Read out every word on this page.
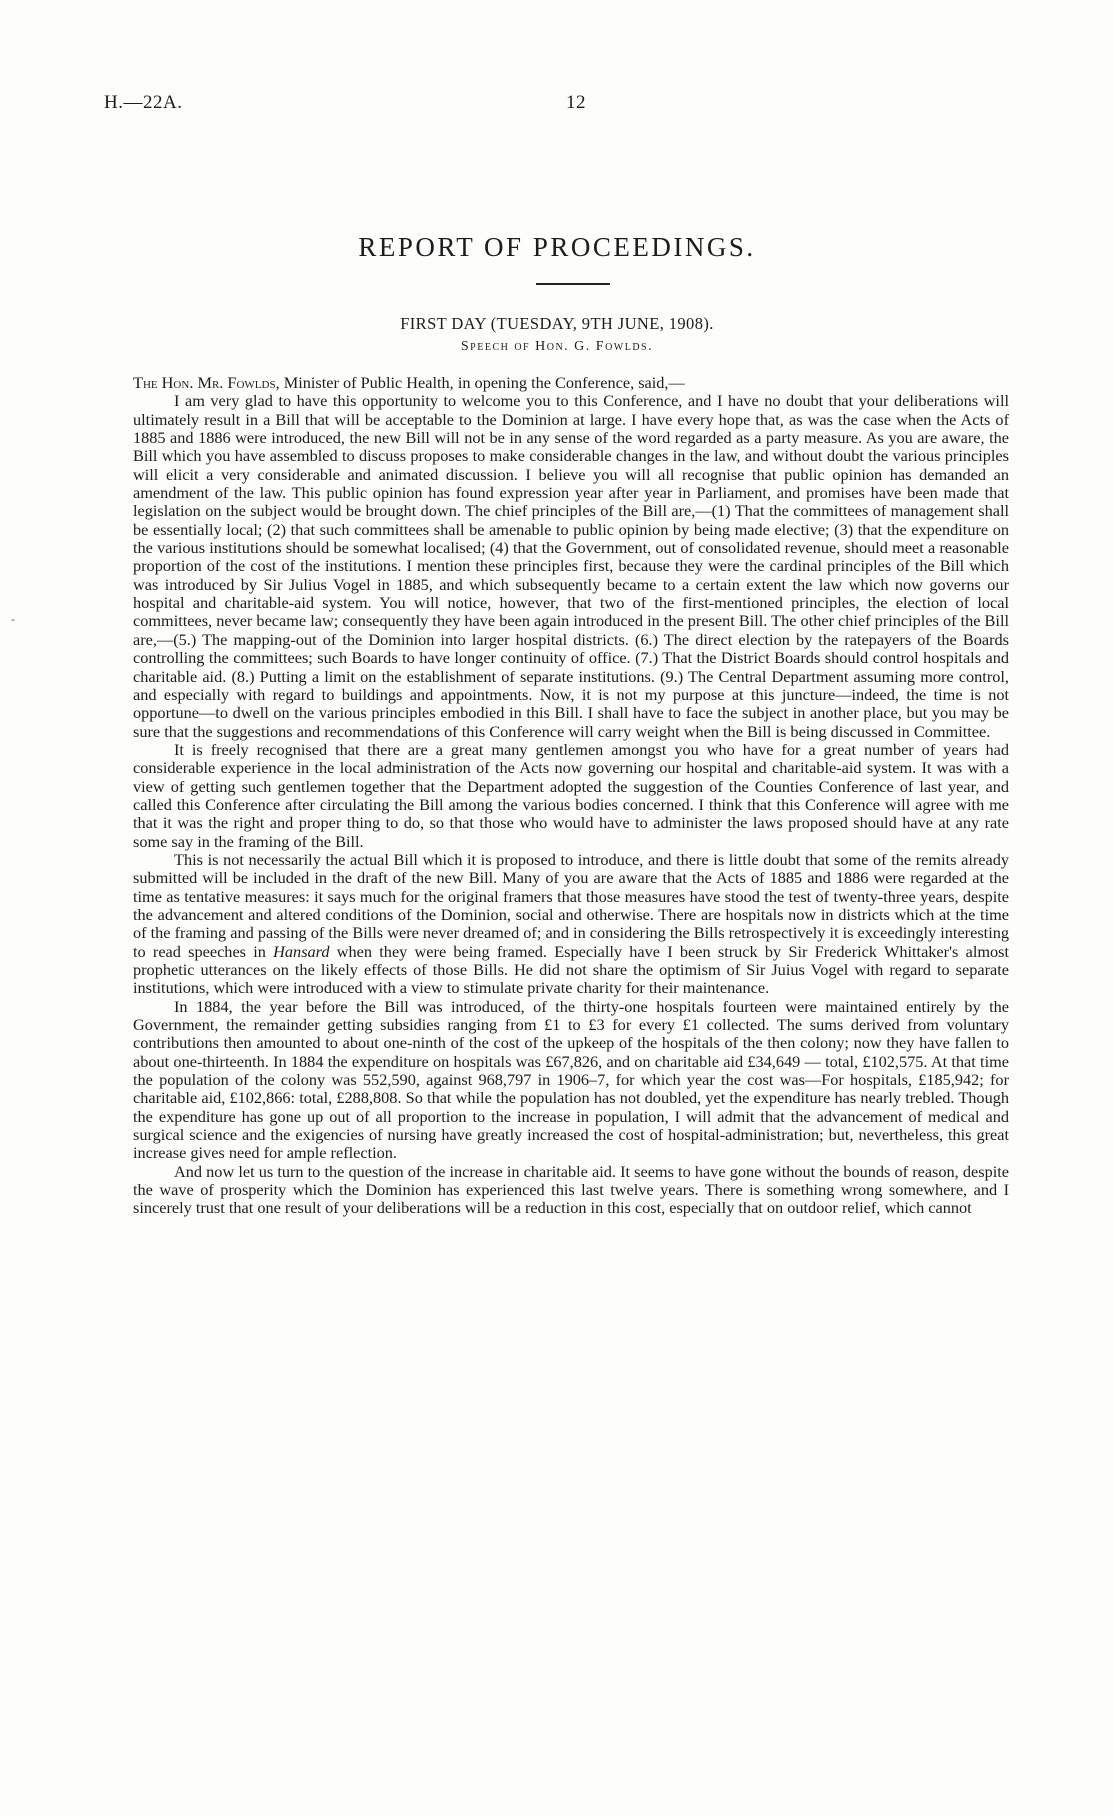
H.—22A.	12
REPORT OF PROCEEDINGS.
FIRST DAY (TUESDAY, 9TH JUNE, 1908).
Speech of Hon. G. Fowlds.
-

The Hon. Mr. Fowlds, Minister of Public Health, in opening the Conference, said,—

I am very glad to have this opportunity to welcome you to this Conference, and I have no doubt that your deliberations will ultimately result in a Bill that will be acceptable to the Dominion at large. I have every hope that, as was the case when the Acts of 1885 and 1886 were introduced, the new Bill will not be in any sense of the word regarded as a party measure. As you are aware, the Bill which you have assembled to discuss proposes to make considerable changes in the law, and without doubt the various principles will elicit a very considerable and animated discussion. I believe you will all recognise that public opinion has demanded an amendment of the law. This public opinion has found expression year after year in Parliament, and promises have been made that legislation on the subject would be brought down. The chief principles of the Bill are,—(1) That the committees of management shall be essentially local; (2) that such committees shall be amenable to public opinion by being made elective; (3) that the expenditure on the various institutions should be somewhat localised; (4) that the Government, out of consolidated revenue, should meet a reasonable proportion of the cost of the institutions. I mention these principles first, because they were the cardinal principles of the Bill which was introduced by Sir Julius Vogel in 1885, and which subsequently became to a certain extent the law which now governs our hospital and charitable-aid system. You will notice, however, that two of the first-mentioned principles, the election of local committees, never became law; consequently they have been again introduced in the present Bill. The other chief principles of the Bill are,—(5.) The mapping-out of the Dominion into larger hospital districts. (6.) The direct election by the ratepayers of the Boards controlling the committees; such Boards to have longer continuity of office. (7.) That the District Boards should control hospitals and charitable aid. (8.) Putting a limit on the establishment of separate institutions. (9.) The Central Department assuming more control, and especially with regard to buildings and appointments. Now, it is not my purpose at this juncture—indeed, the time is not opportune—to dwell on the various principles embodied in this Bill. I shall have to face the subject in another place, but you may be sure that the suggestions and recommendations of this Conference will carry weight when the Bill is being discussed in Committee.

It is freely recognised that there are a great many gentlemen amongst you who have for a great number of years had considerable experience in the local administration of the Acts now governing our hospital and charitable-aid system. It was with a view of getting such gentlemen together that the Department adopted the suggestion of the Counties Conference of last year, and called this Conference after circulating the Bill among the various bodies concerned. I think that this Conference will agree with me that it was the right and proper thing to do, so that those who would have to administer the laws proposed should have at any rate some say in the framing of the Bill.

This is not necessarily the actual Bill which it is proposed to introduce, and there is little doubt that some of the remits already submitted will be included in the draft of the new Bill. Many of you are aware that the Acts of 1885 and 1886 were regarded at the time as tentative measures: it says much for the original framers that those measures have stood the test of twenty-three years, despite the advancement and altered conditions of the Dominion, social and otherwise. There are hospitals now in districts which at the time of the framing and passing of the Bills were never dreamed of; and in considering the Bills retrospectively it is exceedingly interesting to read speeches in Hansard when they were being framed. Especially have I been struck by Sir Frederick Whittaker's almost prophetic utterances on the likely effects of those Bills. He did not share the optimism of Sir Juius Vogel with regard to separate institutions, which were introduced with a view to stimulate private charity for their maintenance.

In 1884, the year before the Bill was introduced, of the thirty-one hospitals fourteen were maintained entirely by the Government, the remainder getting subsidies ranging from £1 to £3 for every £1 collected. The sums derived from voluntary contributions then amounted to about one-ninth of the cost of the upkeep of the hospitals of the then colony; now they have fallen to about one-thirteenth. In 1884 the expenditure on hospitals was £67,826, and on charitable aid £34,649 — total, £102,575. At that time the population of the colony was 552,590, against 968,797 in 1906–7, for which year the cost was—For hospitals, £185,942; for charitable aid, £102,866: total, £288,808. So that while the population has not doubled, yet the expenditure has nearly trebled. Though the expenditure has gone up out of all proportion to the increase in population, I will admit that the advancement of medical and surgical science and the exigencies of nursing have greatly increased the cost of hospital-administration; but, nevertheless, this great increase gives need for ample reflection.

And now let us turn to the question of the increase in charitable aid. It seems to have gone without the bounds of reason, despite the wave of prosperity which the Dominion has experienced this last twelve years. There is something wrong somewhere, and I sincerely trust that one result of your deliberations will be a reduction in this cost, especially that on outdoor relief, which cannot
